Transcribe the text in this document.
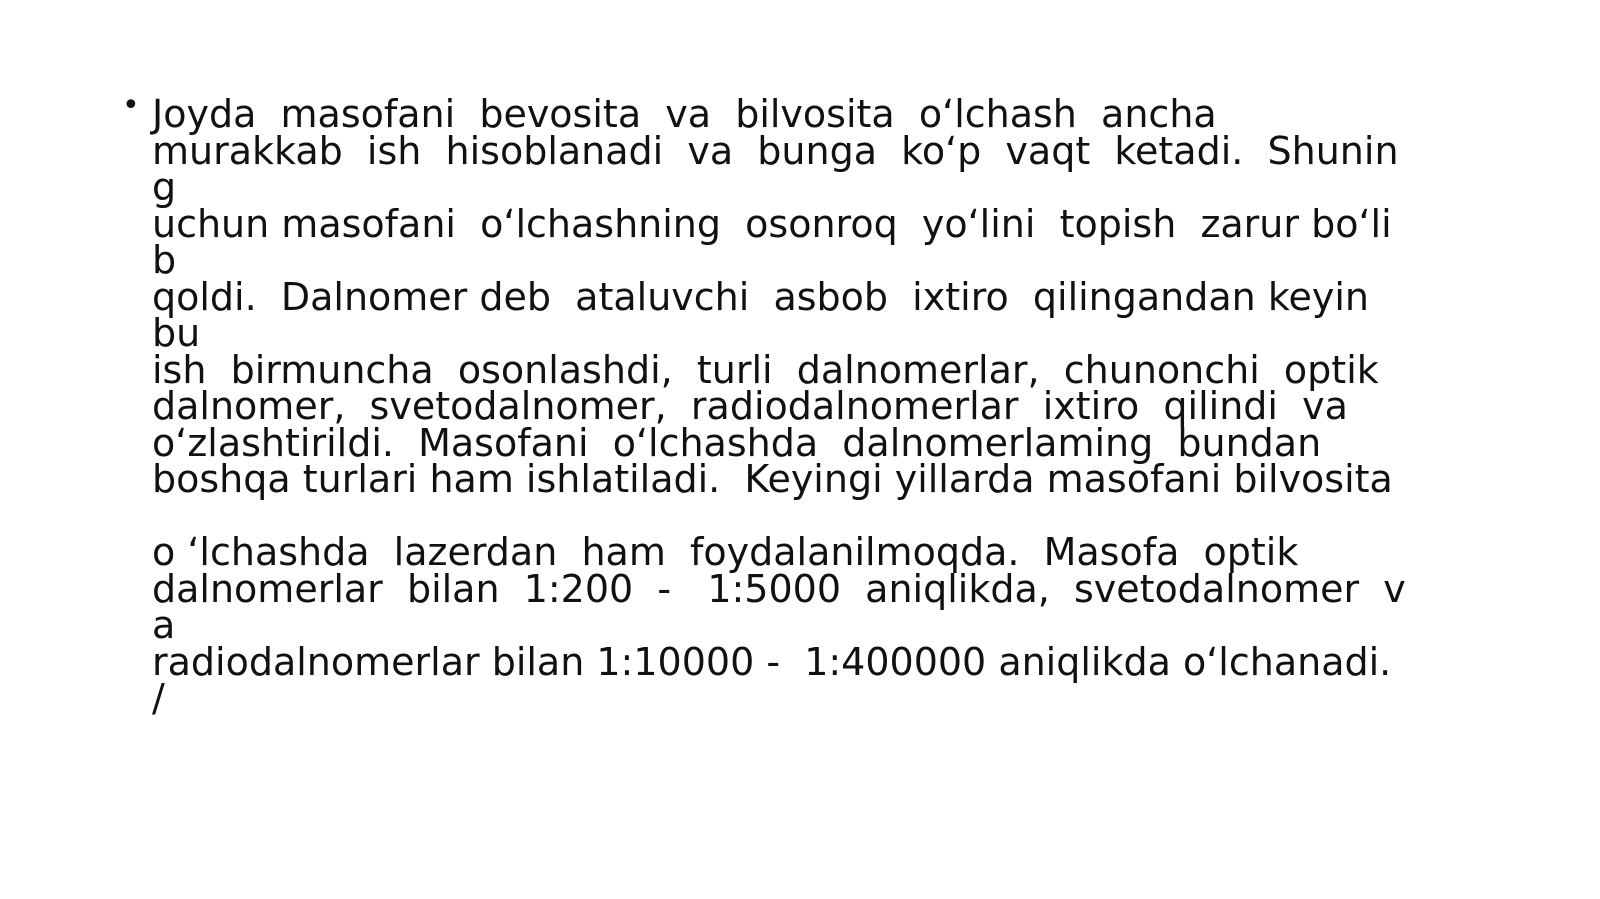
• Joyda  masofani  bevosita  va  bilvosita  o‘lchash  ancha
murakkab  ish  hisoblanadi  va  bunga  ko‘p  vaqt  ketadi.  Shunin
g
uchun masofani  o‘lchashning  osonroq  yo‘lini  topish  zarur bo‘li
b
qoldi.  Dalnomer deb  ataluvchi  asbob  ixtiro  qilingandan keyin
bu
ish  birmuncha  osonlashdi,  turli  dalnomerlar,  chunonchi  optik
dalnomer,  svetodalnomer,  radiodalnomerlar  ixtiro  qilindi  va
o‘zlashtirildi.  Masofani  o‘lchashda  dalnomerlaming  bundan
boshqa turlari ham ishlatiladi.  Keyingi yillarda masofani bilvosita

o ‘lchashda  lazerdan  ham  foydalanilmoqda.  Masofa  optik
dalnomerlar  bilan  1:200  -   1:5000  aniqlikda,  svetodalnomer  v
a
radiodalnomerlar bilan 1:10000 -  1:400000 aniqlikda o‘lchanadi.
/
